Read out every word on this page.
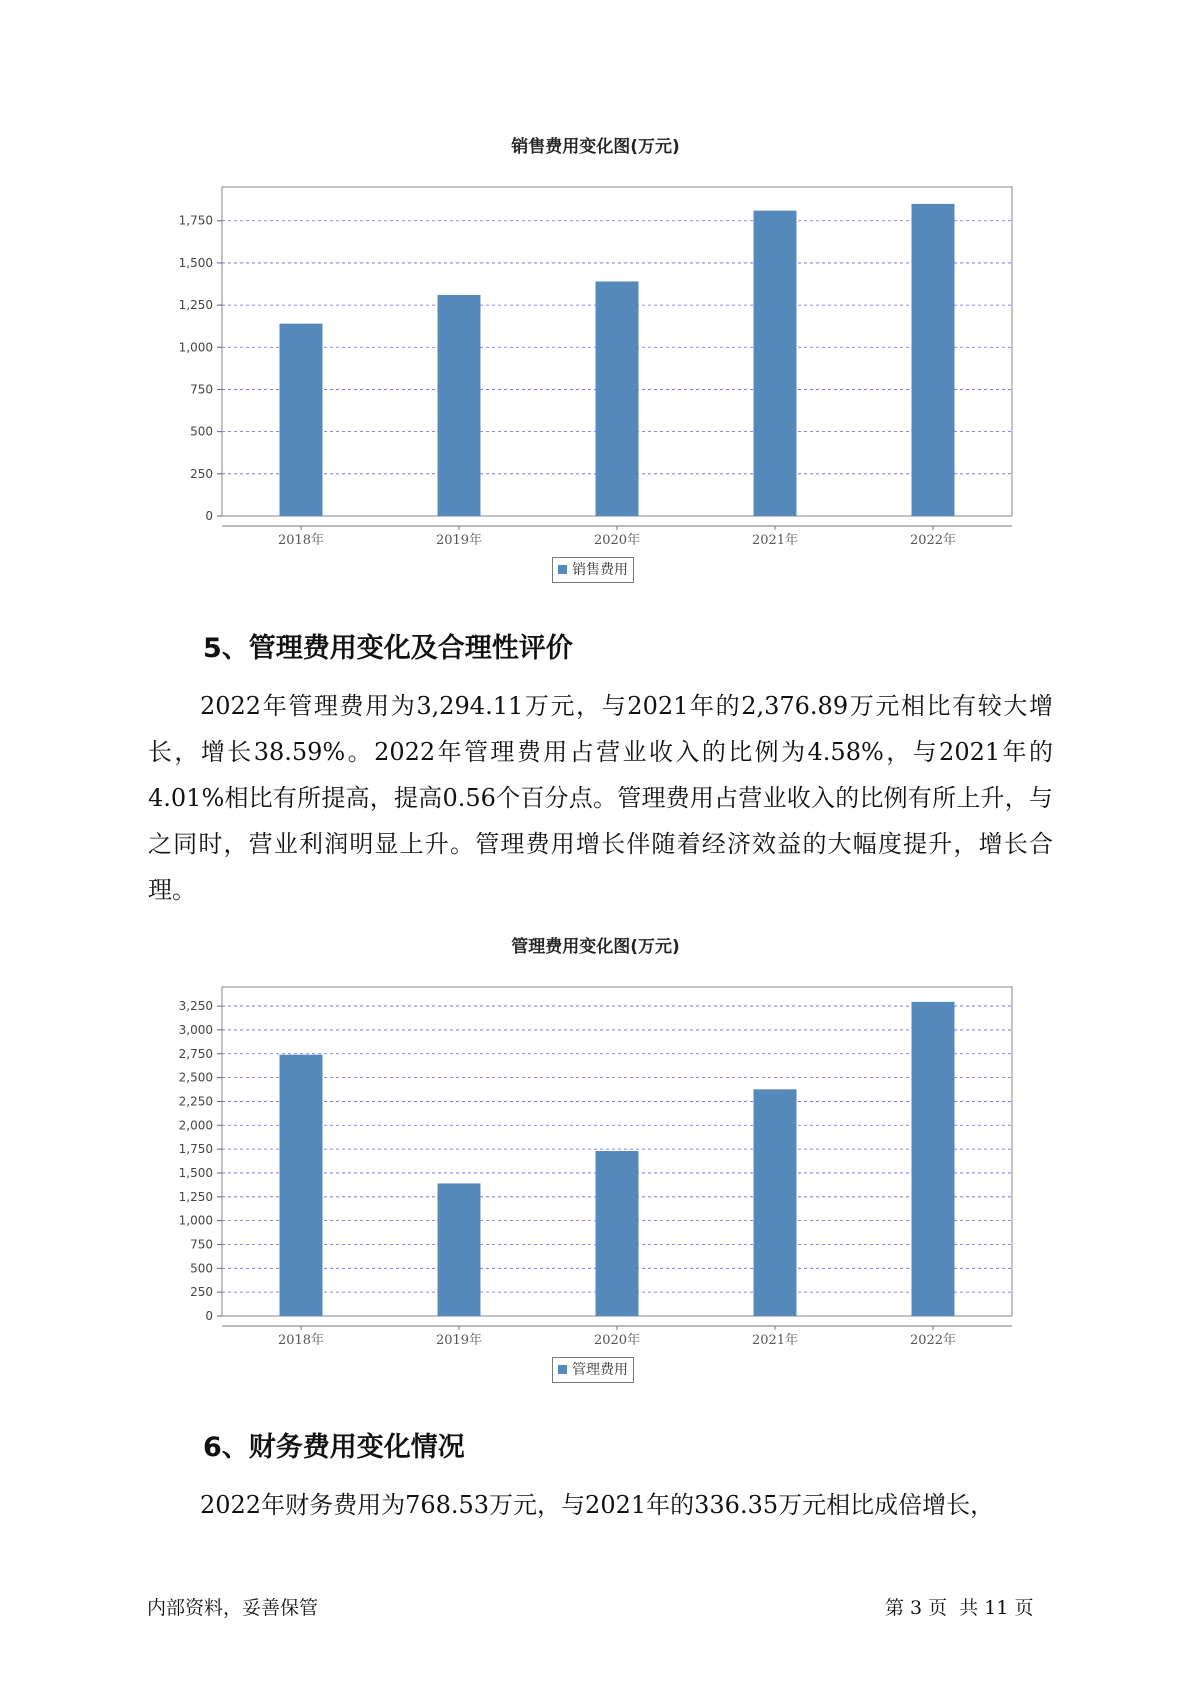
销售费用变化图(万元)
0
250
500
750
1,000
1,250
1,500
1,750
2018年	2019年	2020年	2021年	2022年
销售费用
5、管理费用变化及合理性评价

2022年管理费用为3,294.11万元，与2021年的2,376.89万元相比有较大增长，增长38.59%。2022年管理费用占营业收入的比例为4.58%，与2021年的4.01%相比有所提高，提高0.56个百分点。管理费用占营业收入的比例有所上升，与之同时，营业利润明显上升。管理费用增长伴随着经济效益的大幅度提升，增长合理。

管理费用变化图(万元)
0
250
500
750
1,000
1,250
1,500
1,750
2,000
2,250
2,500
2,750
3,000
3,250
2018年	2019年	2020年	2021年	2022年
管理费用
6、财务费用变化情况

2022年财务费用为768.53万元，与2021年的336.35万元相比成倍增长，

内部资料，妥善保管	第 3 页  共 11 页
